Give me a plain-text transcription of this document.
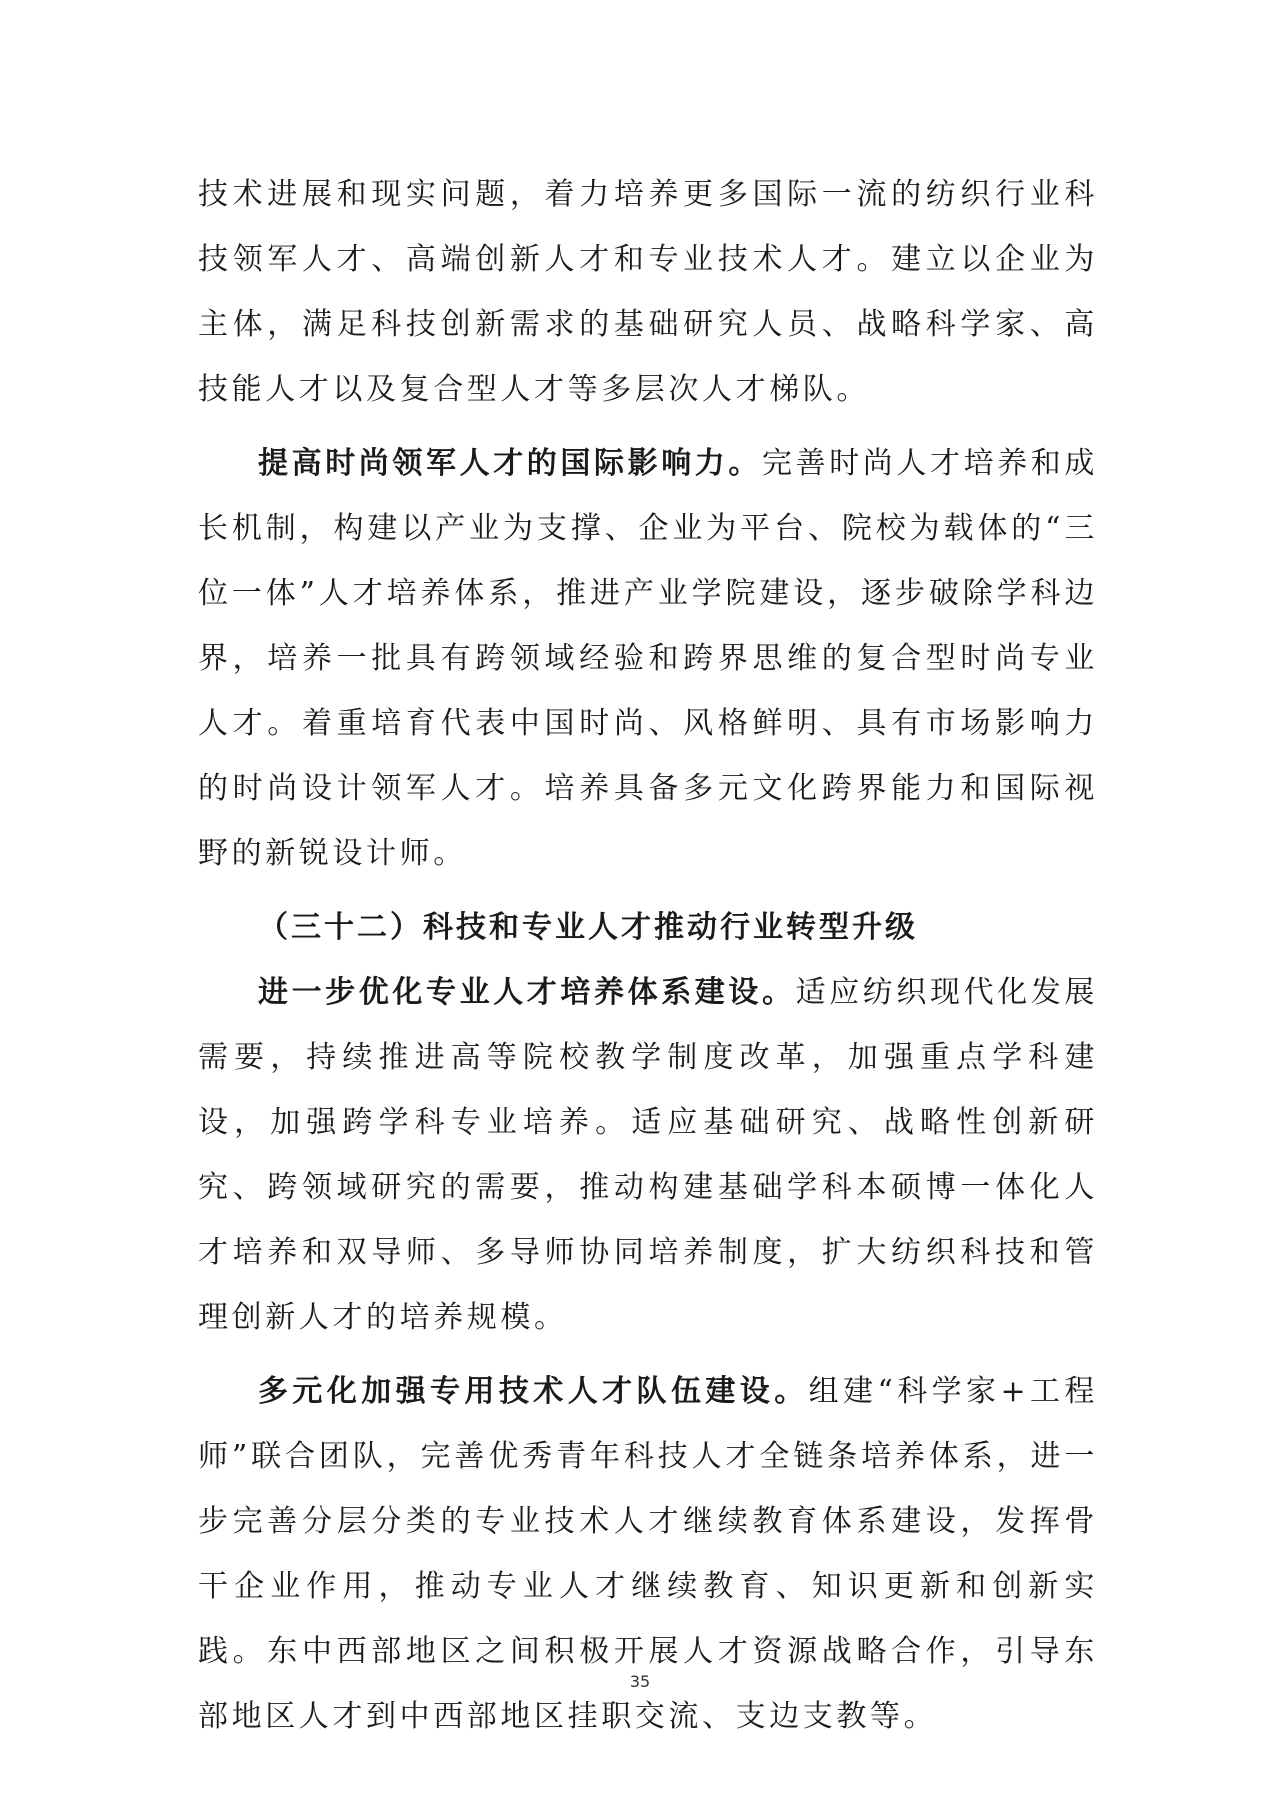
技术进展和现实问题，着力培养更多国际一流的纺织行业科技领军人才、高端创新人才和专业技术人才。建立以企业为主体，满足科技创新需求的基础研究人员、战略科学家、高技能人才以及复合型人才等多层次人才梯队。

提高时尚领军人才的国际影响力。完善时尚人才培养和成长机制，构建以产业为支撑、企业为平台、院校为载体的“三位一体”人才培养体系，推进产业学院建设，逐步破除学科边界，培养一批具有跨领域经验和跨界思维的复合型时尚专业人才。着重培育代表中国时尚、风格鲜明、具有市场影响力的时尚设计领军人才。培养具备多元文化跨界能力和国际视野的新锐设计师。

（三十二）科技和专业人才推动行业转型升级

进一步优化专业人才培养体系建设。适应纺织现代化发展需要，持续推进高等院校教学制度改革，加强重点学科建设，加强跨学科专业培养。适应基础研究、战略性创新研究、跨领域研究的需要，推动构建基础学科本硕博一体化人才培养和双导师、多导师协同培养制度，扩大纺织科技和管理创新人才的培养规模。

多元化加强专用技术人才队伍建设。组建“科学家+工程师”联合团队，完善优秀青年科技人才全链条培养体系，进一步完善分层分类的专业技术人才继续教育体系建设，发挥骨干企业作用，推动专业人才继续教育、知识更新和创新实践。东中西部地区之间积极开展人才资源战略合作，引导东部地区人才到中西部地区挂职交流、支边支教等。

35
